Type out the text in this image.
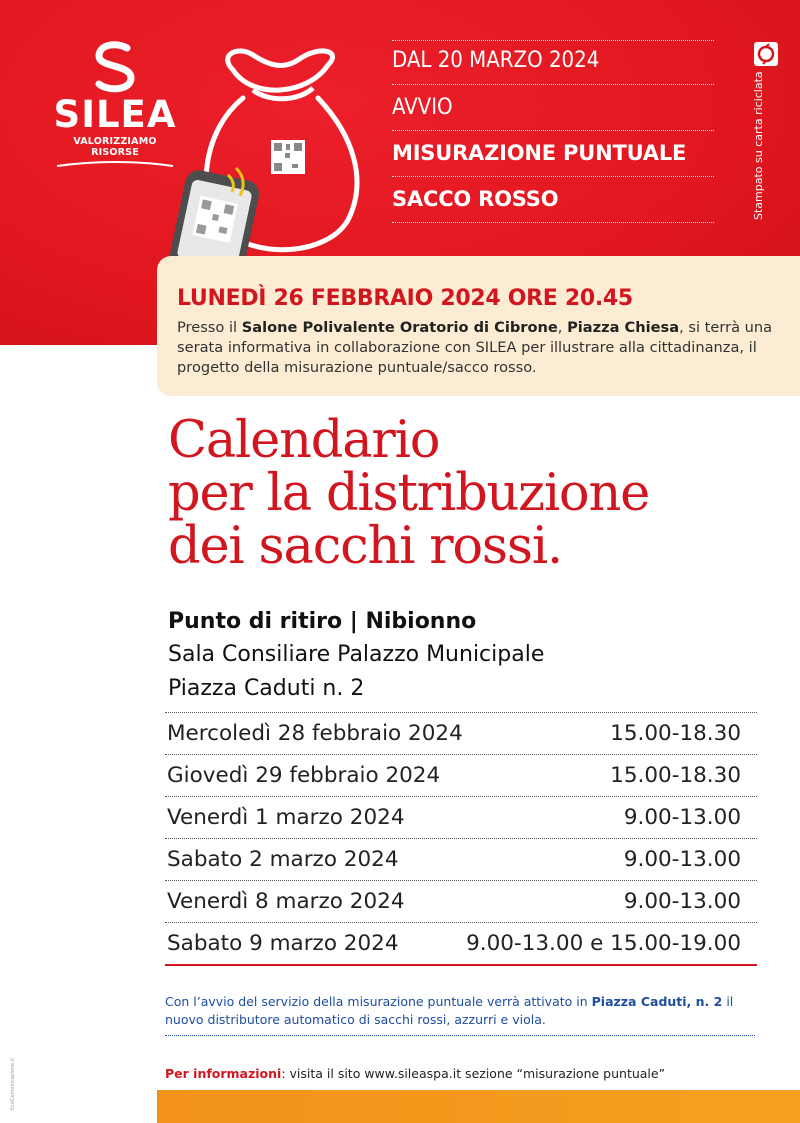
SILEA
VALORIZZIAMO RISORSE
DAL 20 MARZO 2024
AVVIO
MISURAZIONE PUNTUALE
SACCO ROSSO	Stampato su carta riciclata
LUNEDÌ 26 FEBBRAIO 2024 ORE 20.45
Presso il Salone Polivalente Oratorio di Cibrone, Piazza Chiesa, si terrà una serata informativa in collaborazione con SILEA per illustrare alla cittadinanza, il progetto della misurazione puntuale/sacco rosso.
Calendario
per la distribuzione
dei sacchi rossi.
Punto di ritiro | Nibionno
Sala Consiliare Palazzo Municipale
Piazza Caduti n. 2
Mercoledì 28 febbraio 2024	15.00-18.30
Giovedì 29 febbraio 2024	15.00-18.30
Venerdì 1 marzo 2024	9.00-13.00
Sabato 2 marzo 2024	9.00-13.00
Venerdì 8 marzo 2024	9.00-13.00
Sabato 9 marzo 2024	9.00-13.00 e 15.00-19.00
Con l’avvio del servizio della misurazione puntuale verrà attivato in Piazza Caduti, n. 2 il nuovo distributore automatico di sacchi rossi, azzurri e viola.
Per informazioni: visita il sito www.sileaspa.it sezione “misurazione puntuale”
EcoComunicazione.it
